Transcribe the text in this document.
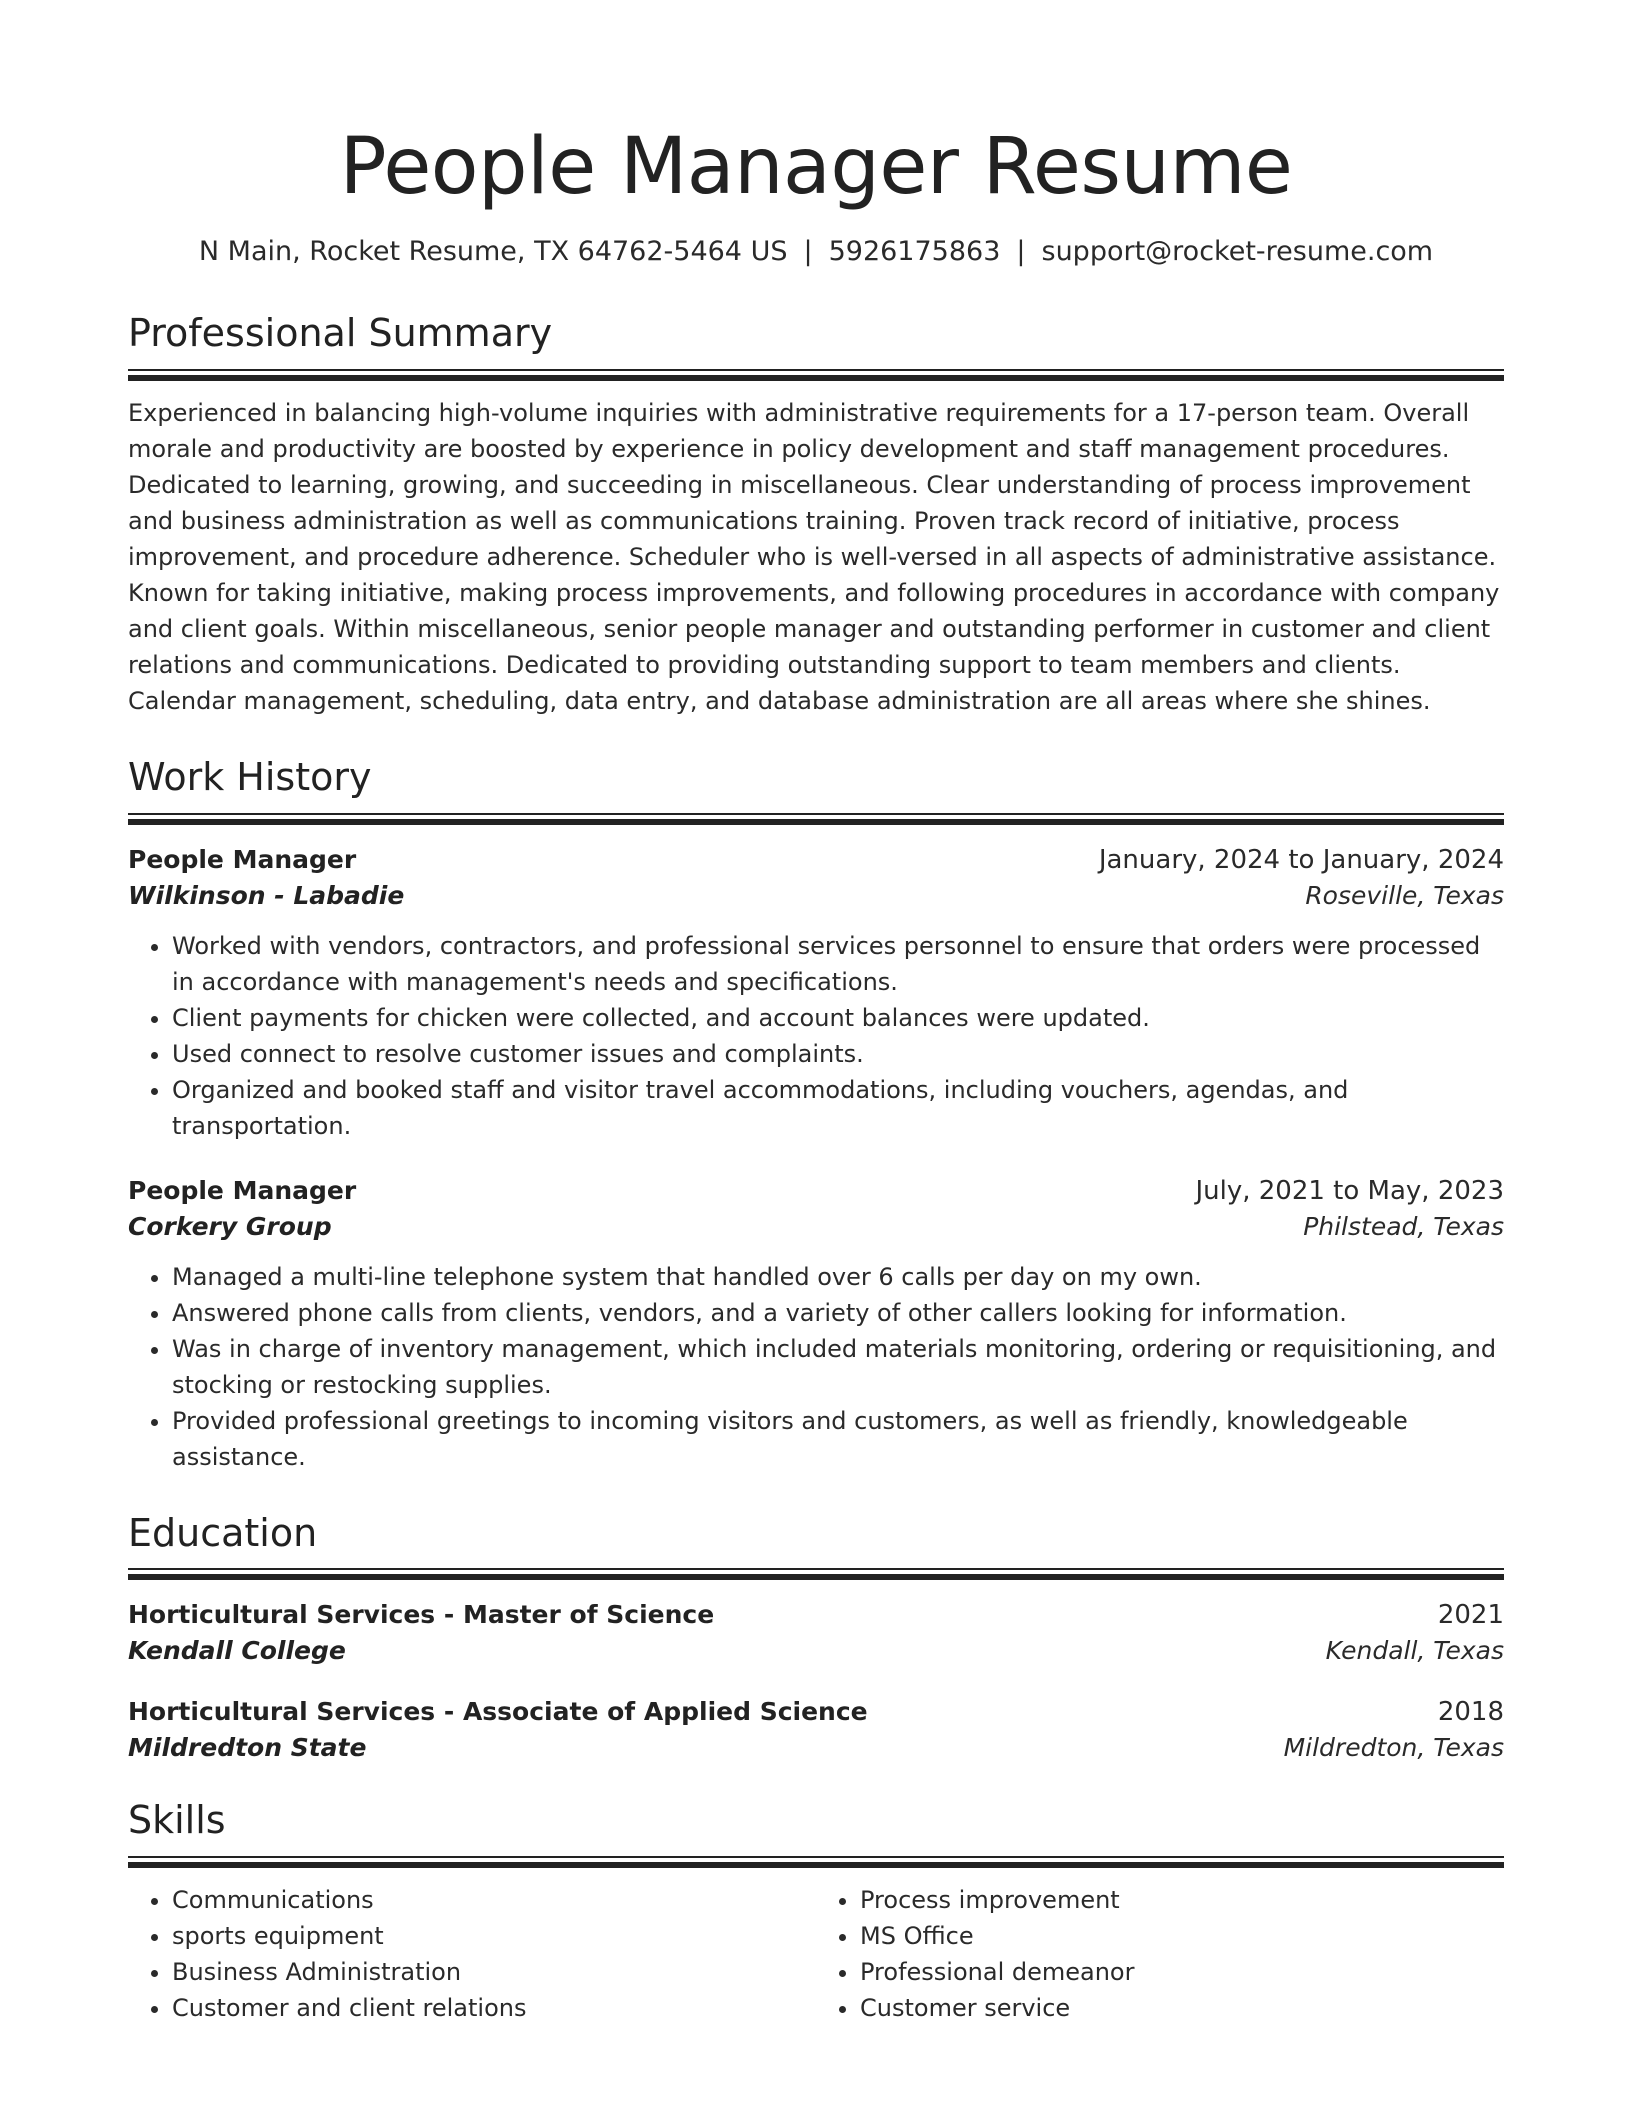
People Manager Resume
N Main, Rocket Resume, TX 64762-5464 US | 5926175863 | support@rocket-resume.com
Professional Summary
Experienced in balancing high-volume inquiries with administrative requirements for a 17-person team. Overall morale and productivity are boosted by experience in policy development and staff management procedures. Dedicated to learning, growing, and succeeding in miscellaneous. Clear understanding of process improvement and business administration as well as communications training. Proven track record of initiative, process improvement, and procedure adherence. Scheduler who is well-versed in all aspects of administrative assistance. Known for taking initiative, making process improvements, and following procedures in accordance with company and client goals. Within miscellaneous, senior people manager and outstanding performer in customer and client relations and communications. Dedicated to providing outstanding support to team members and clients. Calendar management, scheduling, data entry, and database administration are all areas where she shines.
Work History
People Manager	January, 2024 to January, 2024
Wilkinson - Labadie	Roseville, Texas
• Worked with vendors, contractors, and professional services personnel to ensure that orders were processed in accordance with management's needs and specifications.
• Client payments for chicken were collected, and account balances were updated.
• Used connect to resolve customer issues and complaints.
• Organized and booked staff and visitor travel accommodations, including vouchers, agendas, and transportation.
People Manager	July, 2021 to May, 2023
Corkery Group	Philstead, Texas
• Managed a multi-line telephone system that handled over 6 calls per day on my own.
• Answered phone calls from clients, vendors, and a variety of other callers looking for information.
• Was in charge of inventory management, which included materials monitoring, ordering or requisitioning, and stocking or restocking supplies.
• Provided professional greetings to incoming visitors and customers, as well as friendly, knowledgeable assistance.
Education
Horticultural Services - Master of Science	2021
Kendall College	Kendall, Texas
Horticultural Services - Associate of Applied Science	2018
Mildredton State	Mildredton, Texas
Skills
• Communications
• sports equipment
• Business Administration
• Customer and client relations
• Process improvement
• MS Office
• Professional demeanor
• Customer service
